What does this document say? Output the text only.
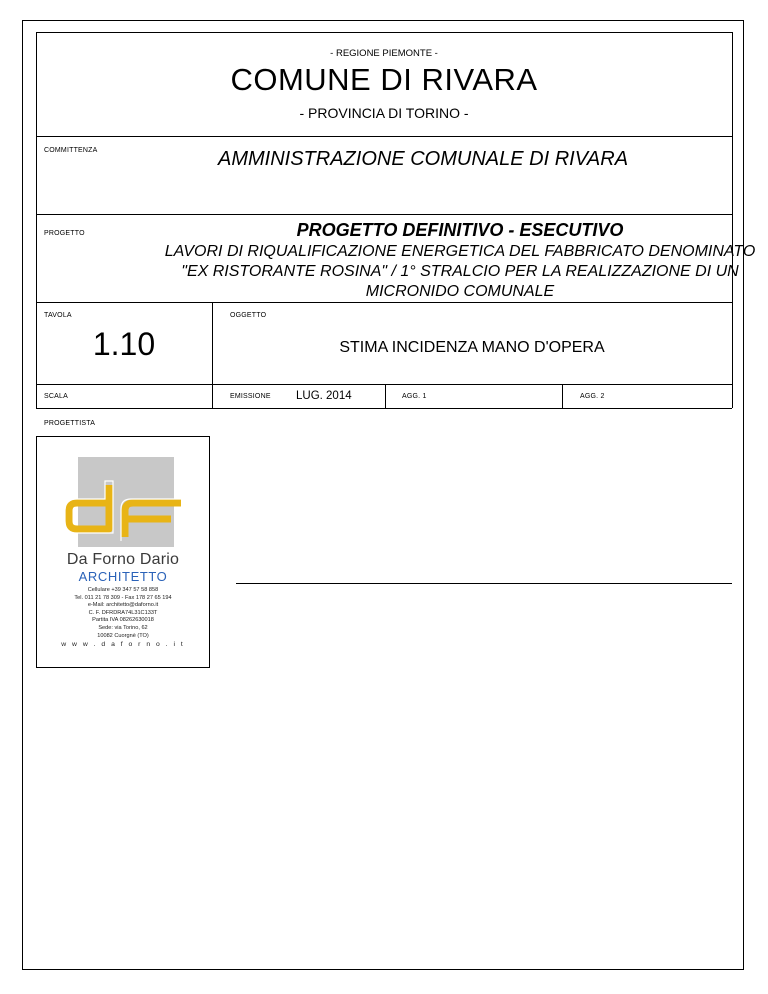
- REGIONE PIEMONTE -
COMUNE DI RIVARA
- PROVINCIA DI TORINO -
COMMITTENZA	AMMINISTRAZIONE COMUNALE DI RIVARA
PROGETTO	PROGETTO DEFINITIVO - ESECUTIVO
LAVORI DI RIQUALIFICAZIONE ENERGETICA DEL FABBRICATO DENOMINATO "EX RISTORANTE ROSINA" / 1° STRALCIO PER LA REALIZZAZIONE DI UN MICRONIDO COMUNALE
TAVOLA
1.10
OGGETTO
STIMA INCIDENZA MANO D'OPERA
SCALA	EMISSIONE LUG. 2014	AGG. 1	AGG. 2
PROGETTISTA
Da Forno Dario
ARCHITETTO
Cellulare +39 347 57 58 858
Tel. 011 21 78 309 - Fax 178 27 65 194
e-Mail: architetto@daforno.it
C. F. DFRDRA74L31C133T
Partita IVA 08262630018
Sede: via Torino, 62
10082 Cuorgnè (TO)
w w w . d a f o r n o . i t
